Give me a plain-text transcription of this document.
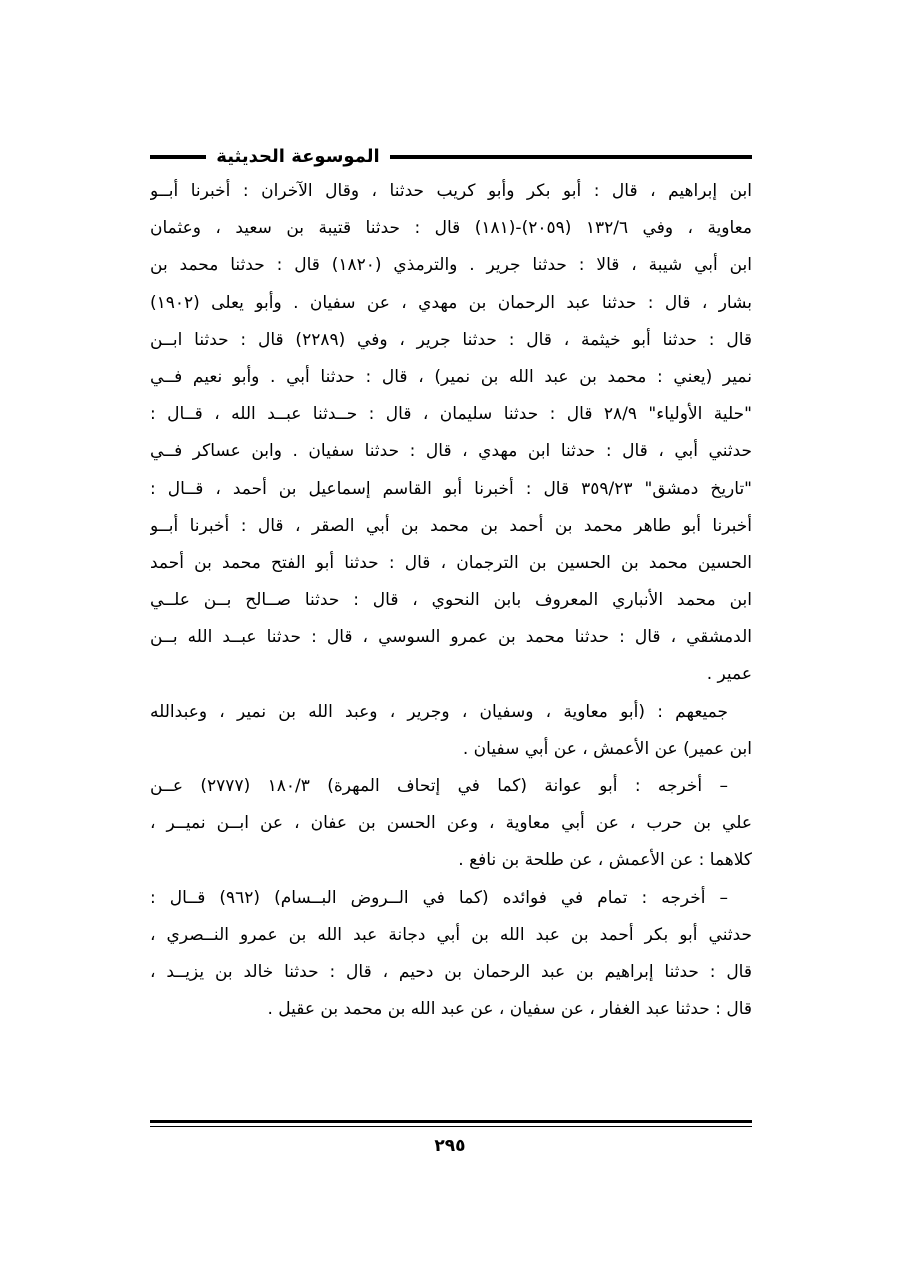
الموسوعة الحديثية
ابن إبراهيم ، قال : أبو بكر وأبو كريب حدثنا ، وقال الآخران : أخبرنا أبــو
معاوية ، وفي ١٣٢/٦ (٢٠٥٩)-(١٨١) قال : حدثنا قتيبة بن سعيد ، وعثمان
ابن أبي شيبة ، قالا : حدثنا جرير . والترمذي (١٨٢٠) قال : حدثنا محمد بن
بشار ، قال : حدثنا عبد الرحمان بن مهدي ، عن سفيان . وأبو يعلى (١٩٠٢)
قال : حدثنا أبو خيثمة ، قال : حدثنا جرير ، وفي (٢٢٨٩) قال : حدثنا ابــن
نمير (يعني : محمد بن عبد الله بن نمير) ، قال : حدثنا أبي . وأبو نعيم فــي
"حلية الأولياء" ٢٨/٩ قال : حدثنا سليمان ، قال : حــدثنا عبــد الله ، قــال :
حدثني أبي ، قال : حدثنا ابن مهدي ، قال : حدثنا سفيان . وابن عساكر فــي
"تاريخ دمشق" ٣٥٩/٢٣ قال : أخبرنا أبو القاسم إسماعيل بن أحمد ، قــال :
أخبرنا أبو طاهر محمد بن أحمد بن محمد بن أبي الصقر ، قال : أخبرنا أبــو
الحسين محمد بن الحسين بن الترجمان ، قال : حدثنا أبو الفتح محمد بن أحمد
ابن محمد الأنباري المعروف بابن النحوي ، قال : حدثنا صــالح بــن علــي
الدمشقي ، قال : حدثنا محمد بن عمرو السوسي ، قال : حدثنا عبــد الله بــن
عمير .
جميعهم : (أبو معاوية ، وسفيان ، وجرير ، وعبد الله بن نمير ، وعبدالله
ابن عمير) عن الأعمش ، عن أبي سفيان .
– أخرجه : أبو عوانة (كما في إتحاف المهرة) ١٨٠/٣ (٢٧٧٧) عــن
علي بن حرب ، عن أبي معاوية ، وعن الحسن بن عفان ، عن ابــن نميــر ،
كلاهما : عن الأعمش ، عن طلحة بن نافع .
– أخرجه : تمام في فوائده (كما في الــروض البــسام) (٩٦٢) قــال :
حدثني أبو بكر أحمد بن عبد الله بن أبي دجانة عبد الله بن عمرو النــصري ،
قال : حدثنا إبراهيم بن عبد الرحمان بن دحيم ، قال : حدثنا خالد بن يزيــد ،
قال : حدثنا عبد الغفار ، عن سفيان ، عن عبد الله بن محمد بن عقيل .
٢٩٥
